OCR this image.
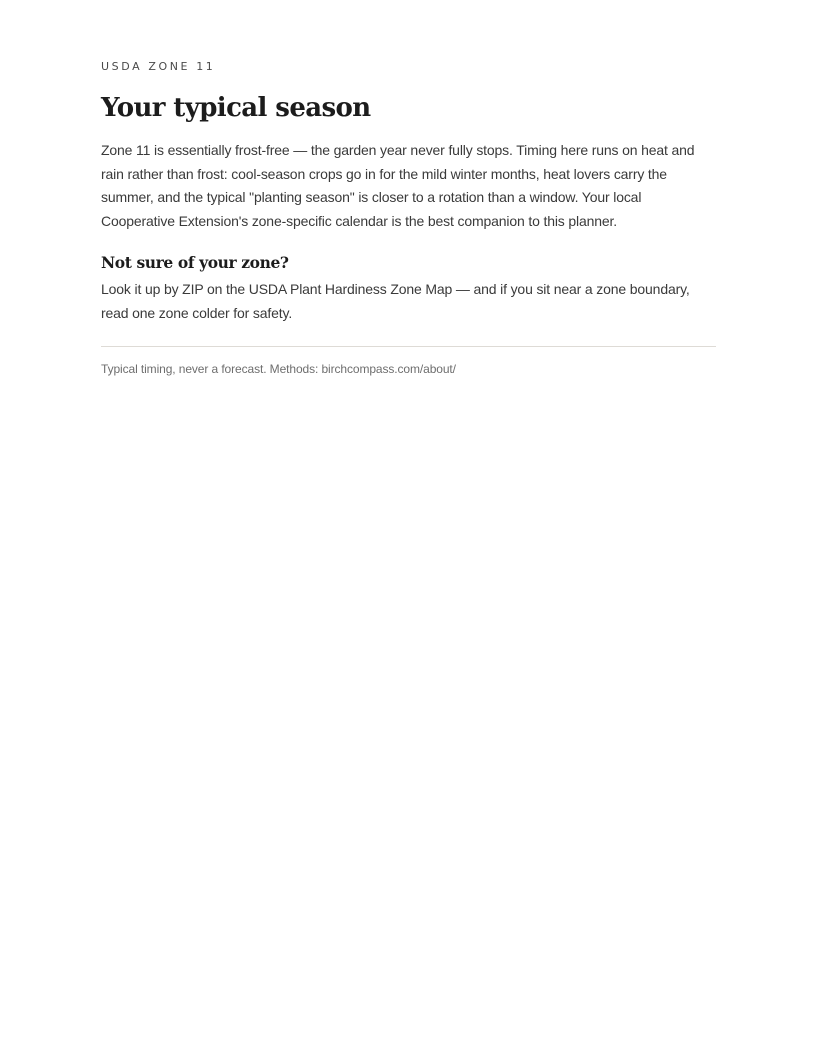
USDA ZONE 11

Your typical season

Zone 11 is essentially frost-free — the garden year never fully stops. Timing here runs on heat and rain rather than frost: cool-season crops go in for the mild winter months, heat lovers carry the summer, and the typical "planting season" is closer to a rotation than a window. Your local Cooperative Extension's zone-specific calendar is the best companion to this planner.

Not sure of your zone?

Look it up by ZIP on the USDA Plant Hardiness Zone Map — and if you sit near a zone boundary, read one zone colder for safety.

Typical timing, never a forecast. Methods: birchcompass.com/about/
